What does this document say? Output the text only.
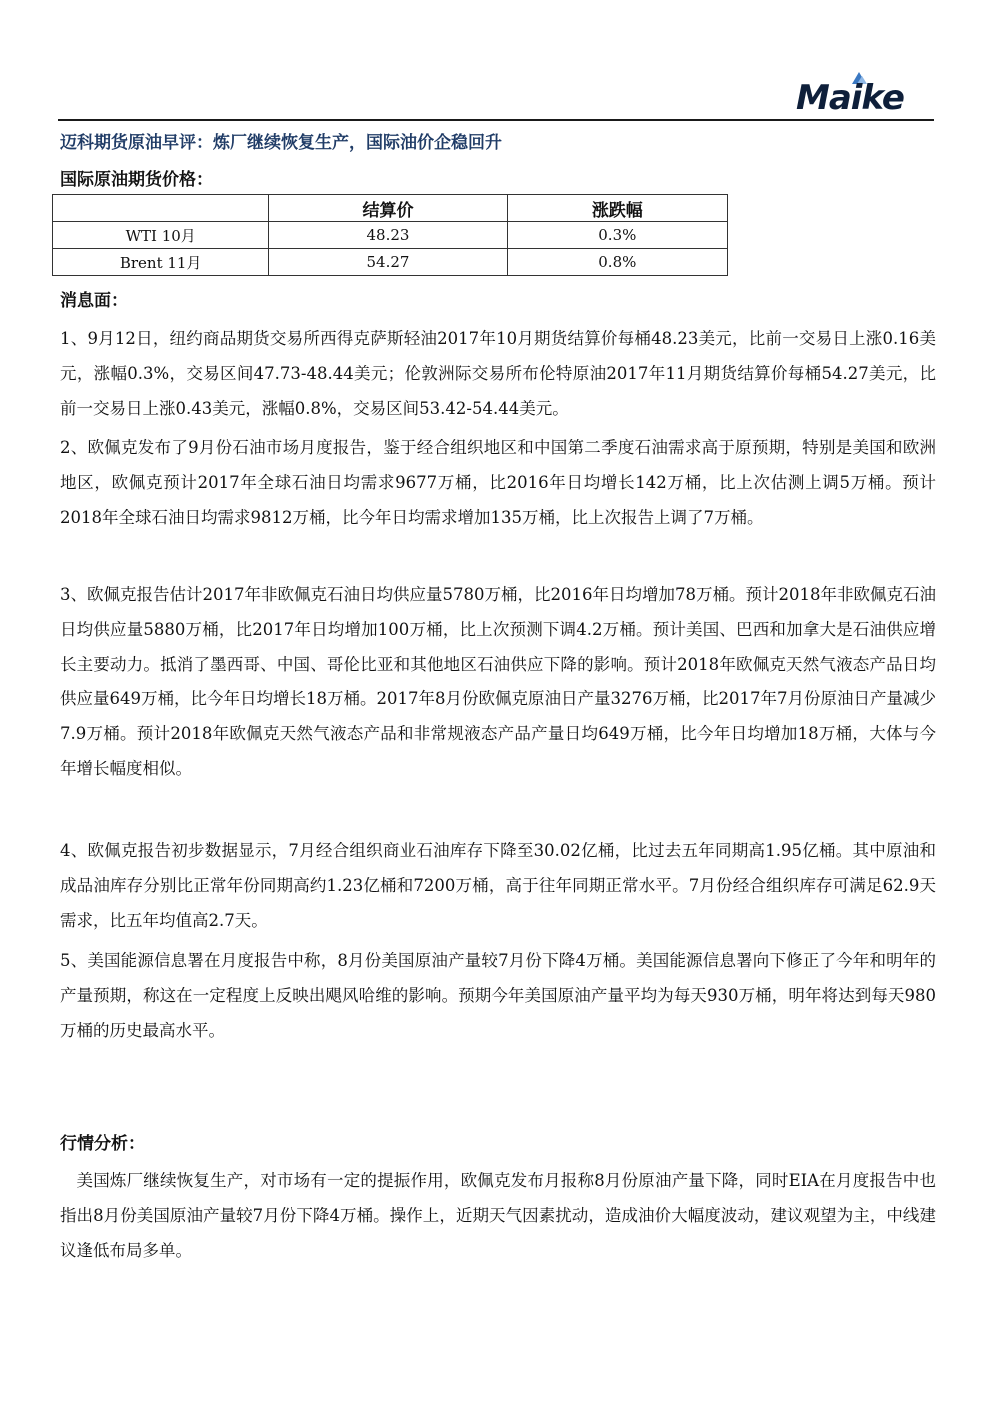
Maike
迈科期货原油早评：炼厂继续恢复生产，国际油价企稳回升
国际原油期货价格：
	结算价	涨跌幅
WTI 10月	48.23	0.3%
Brent 11月	54.27	0.8%
消息面：
1、9月12日，纽约商品期货交易所西得克萨斯轻油2017年10月期货结算价每桶48.23美元，比前一交易日上涨0.16美元，涨幅0.3%，交易区间47.73-48.44美元；伦敦洲际交易所布伦特原油2017年11月期货结算价每桶54.27美元，比前一交易日上涨0.43美元，涨幅0.8%，交易区间53.42-54.44美元。
2、欧佩克发布了9月份石油市场月度报告，鉴于经合组织地区和中国第二季度石油需求高于原预期，特别是美国和欧洲地区，欧佩克预计2017年全球石油日均需求9677万桶，比2016年日均增长142万桶，比上次估测上调5万桶。预计2018年全球石油日均需求9812万桶，比今年日均需求增加135万桶，比上次报告上调了7万桶。
3、欧佩克报告估计2017年非欧佩克石油日均供应量5780万桶，比2016年日均增加78万桶。预计2018年非欧佩克石油日均供应量5880万桶，比2017年日均增加100万桶，比上次预测下调4.2万桶。预计美国、巴西和加拿大是石油供应增长主要动力。抵消了墨西哥、中国、哥伦比亚和其他地区石油供应下降的影响。预计2018年欧佩克天然气液态产品日均供应量649万桶，比今年日均增长18万桶。2017年8月份欧佩克原油日产量3276万桶，比2017年7月份原油日产量减少7.9万桶。预计2018年欧佩克天然气液态产品和非常规液态产品产量日均649万桶，比今年日均增加18万桶，大体与今年增长幅度相似。
4、欧佩克报告初步数据显示，7月经合组织商业石油库存下降至30.02亿桶，比过去五年同期高1.95亿桶。其中原油和成品油库存分别比正常年份同期高约1.23亿桶和7200万桶，高于往年同期正常水平。7月份经合组织库存可满足62.9天需求，比五年均值高2.7天。
5、美国能源信息署在月度报告中称，8月份美国原油产量较7月份下降4万桶。美国能源信息署向下修正了今年和明年的产量预期，称这在一定程度上反映出飓风哈维的影响。预期今年美国原油产量平均为每天930万桶，明年将达到每天980万桶的历史最高水平。
行情分析：
美国炼厂继续恢复生产，对市场有一定的提振作用，欧佩克发布月报称8月份原油产量下降，同时EIA在月度报告中也指出8月份美国原油产量较7月份下降4万桶。操作上，近期天气因素扰动，造成油价大幅度波动，建议观望为主，中线建议逢低布局多单。
